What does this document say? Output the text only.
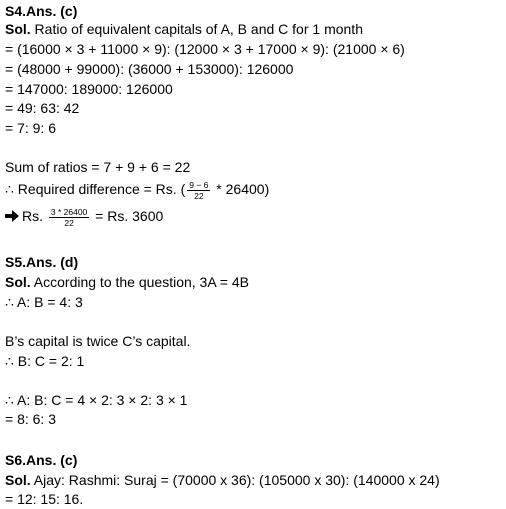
S4.Ans. (c)
Sol. Ratio of equivalent capitals of A, B and C for 1 month
= (16000 × 3 + 11000 × 9): (12000 × 3 + 17000 × 9): (21000 × 6)
= (48000 + 99000): (36000 + 153000): 126000
= 147000: 189000: 126000
= 49: 63: 42
= 7: 9: 6
Sum of ratios = 7 + 9 + 6 = 22
∴ Required difference = Rs. ( $\frac{9 - 6}{22} * 26400$)
Rs. $\frac{3 * 26400}{22} = Rs$. 3600
S5.Ans. (d)
Sol. According to the question, 3A = 4B
∴ A: B = 4: 3
B’s capital is twice C’s capital.
∴ B: C = 2: 1
∴ A: B: C = 4 × 2: 3 × 2: 3 × 1
= 8: 6: 3
S6.Ans. (c)
Sol. Ajay: Rashmi: Suraj = (70000 x 36): (105000 x 30): (140000 x 24)
= 12: 15: 16.
